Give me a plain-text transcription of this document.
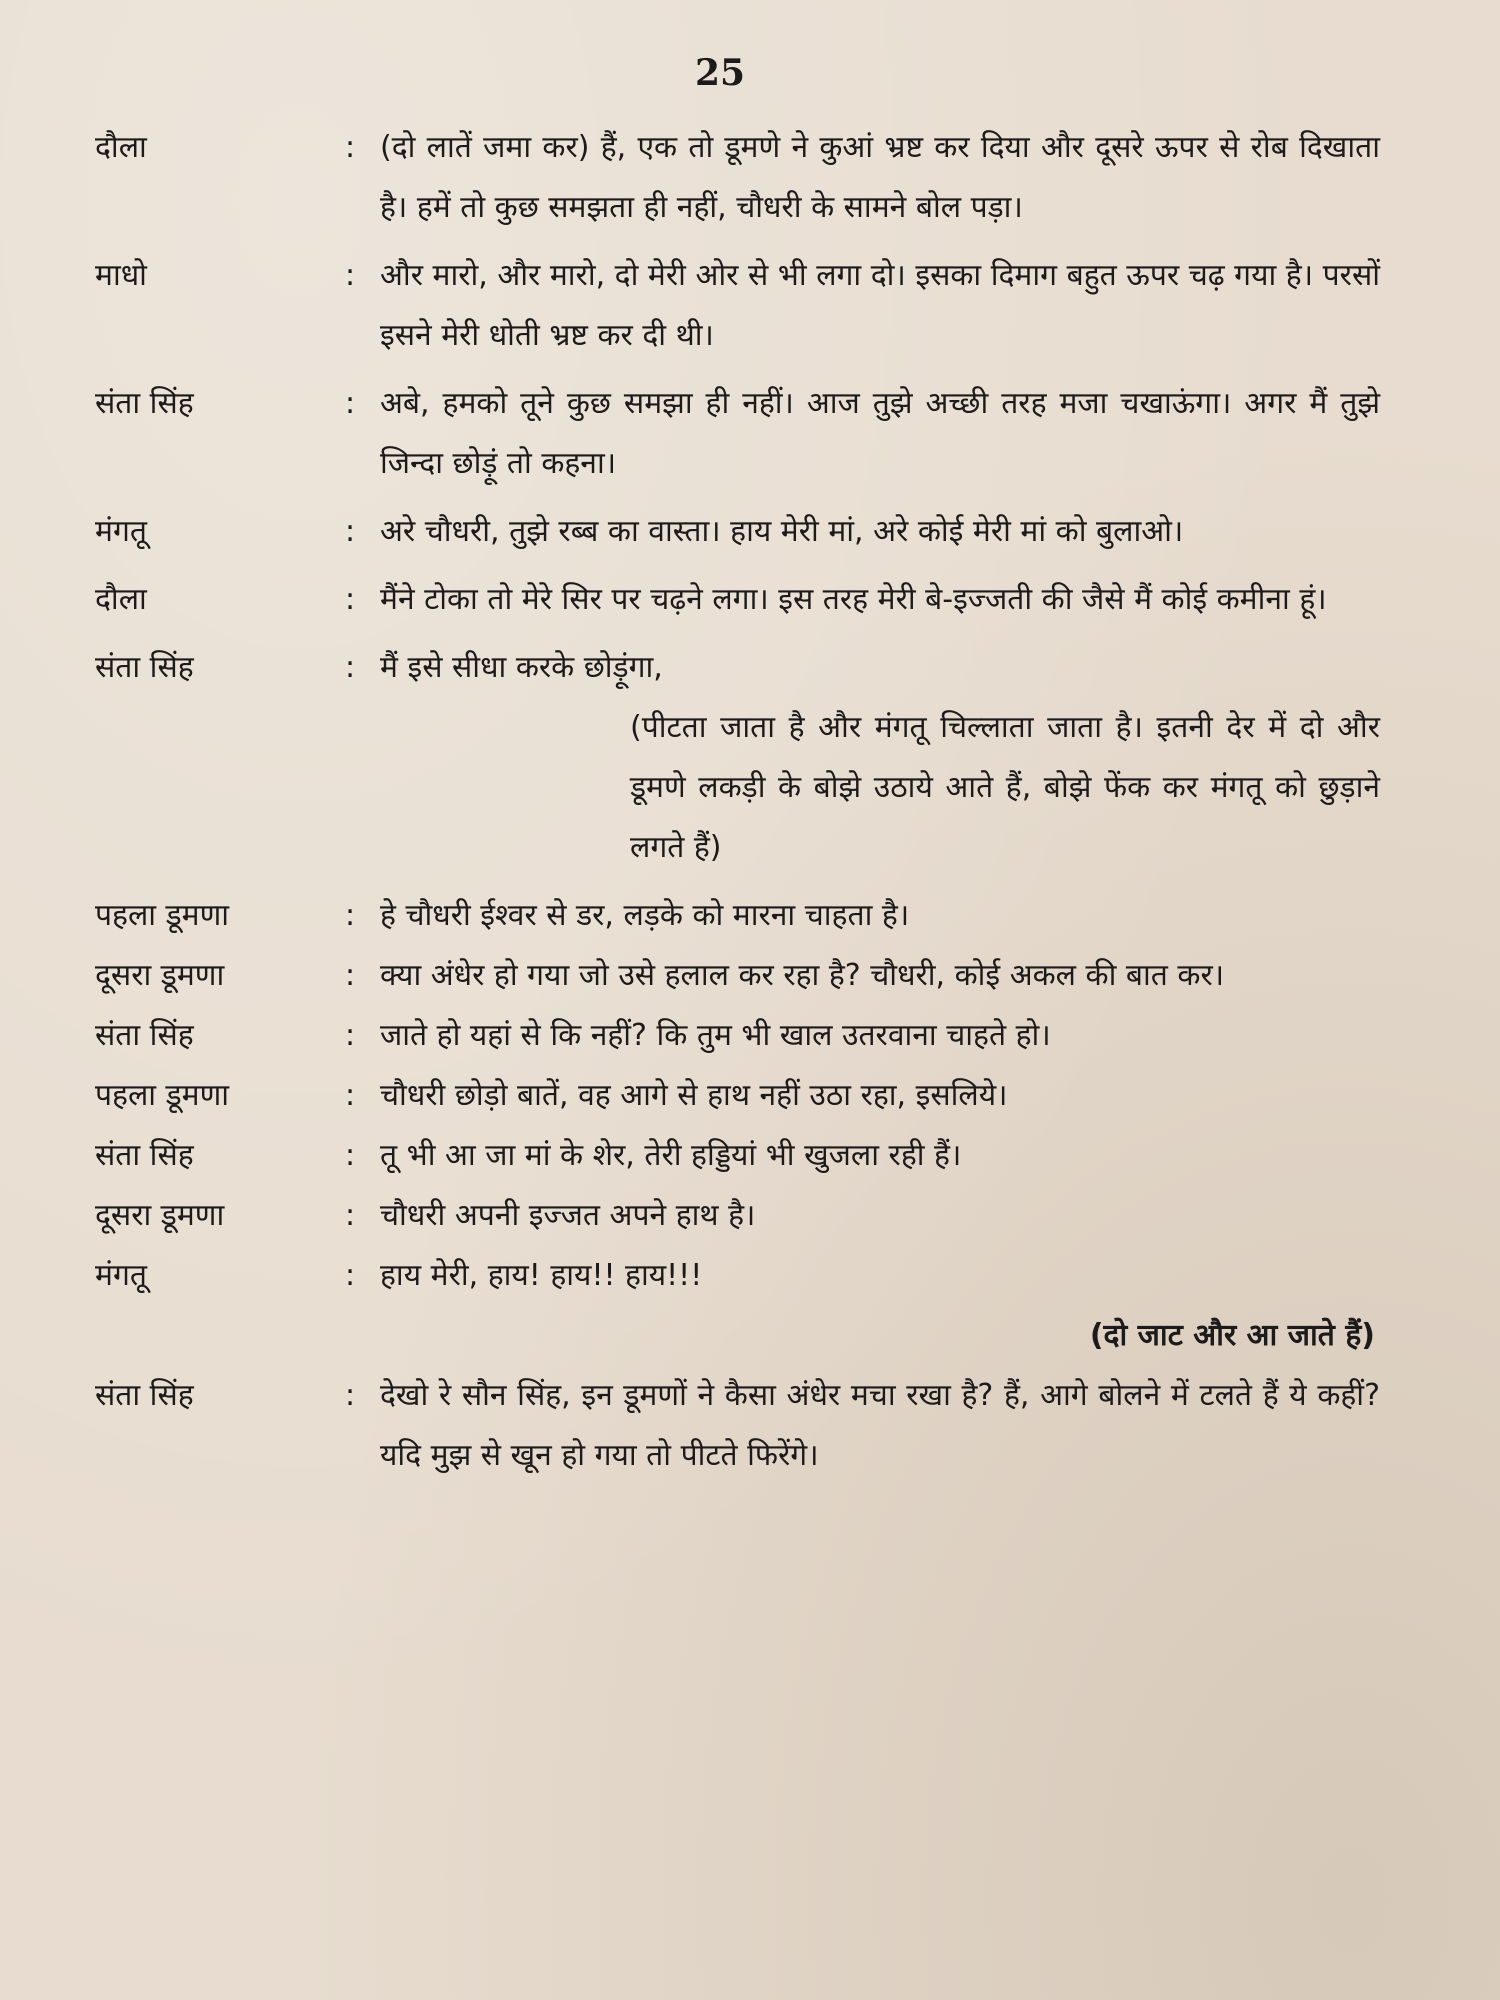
25
दौला	: (दो लातें जमा कर) हैं, एक तो डूमणे ने कुआं भ्रष्ट कर दिया और दूसरे ऊपर से रोब दिखाता है। हमें तो कुछ समझता ही नहीं, चौधरी के सामने बोल पड़ा।
माधो	: और मारो, और मारो, दो मेरी ओर से भी लगा दो। इसका दिमाग बहुत ऊपर चढ़ गया है। परसों इसने मेरी धोती भ्रष्ट कर दी थी।
संता सिंह	: अबे, हमको तूने कुछ समझा ही नहीं। आज तुझे अच्छी तरह मजा चखाऊंगा। अगर मैं तुझे जिन्दा छोड़ूं तो कहना।
मंगतू	: अरे चौधरी, तुझे रब्ब का वास्ता। हाय मेरी मां, अरे कोई मेरी मां को बुलाओ।
दौला	: मैंने टोका तो मेरे सिर पर चढ़ने लगा। इस तरह मेरी बे-इज्जती की जैसे मैं कोई कमीना हूं।
संता सिंह	: मैं इसे सीधा करके छोड़ूंगा,
(पीटता जाता है और मंगतू चिल्लाता जाता है। इतनी देर में दो और डूमणे लकड़ी के बोझे उठाये आते हैं, बोझे फेंक कर मंगतू को छुड़ाने लगते हैं)
पहला डूमणा	: हे चौधरी ईश्वर से डर, लड़के को मारना चाहता है।
दूसरा डूमणा	: क्या अंधेर हो गया जो उसे हलाल कर रहा है? चौधरी, कोई अकल की बात कर।
संता सिंह	: जाते हो यहां से कि नहीं? कि तुम भी खाल उतरवाना चाहते हो।
पहला डूमणा	: चौधरी छोड़ो बातें, वह आगे से हाथ नहीं उठा रहा, इसलिये।
संता सिंह	: तू भी आ जा मां के शेर, तेरी हड्डियां भी खुजला रही हैं।
दूसरा डूमणा	: चौधरी अपनी इज्जत अपने हाथ है।
मंगतू	: हाय मेरी, हाय! हाय!! हाय!!!
(दो जाट और आ जाते हैं)
संता सिंह	: देखो रे सौन सिंह, इन डूमणों ने कैसा अंधेर मचा रखा है? हैं, आगे बोलने में टलते हैं ये कहीं? यदि मुझ से खून हो गया तो पीटते फिरेंगे।
